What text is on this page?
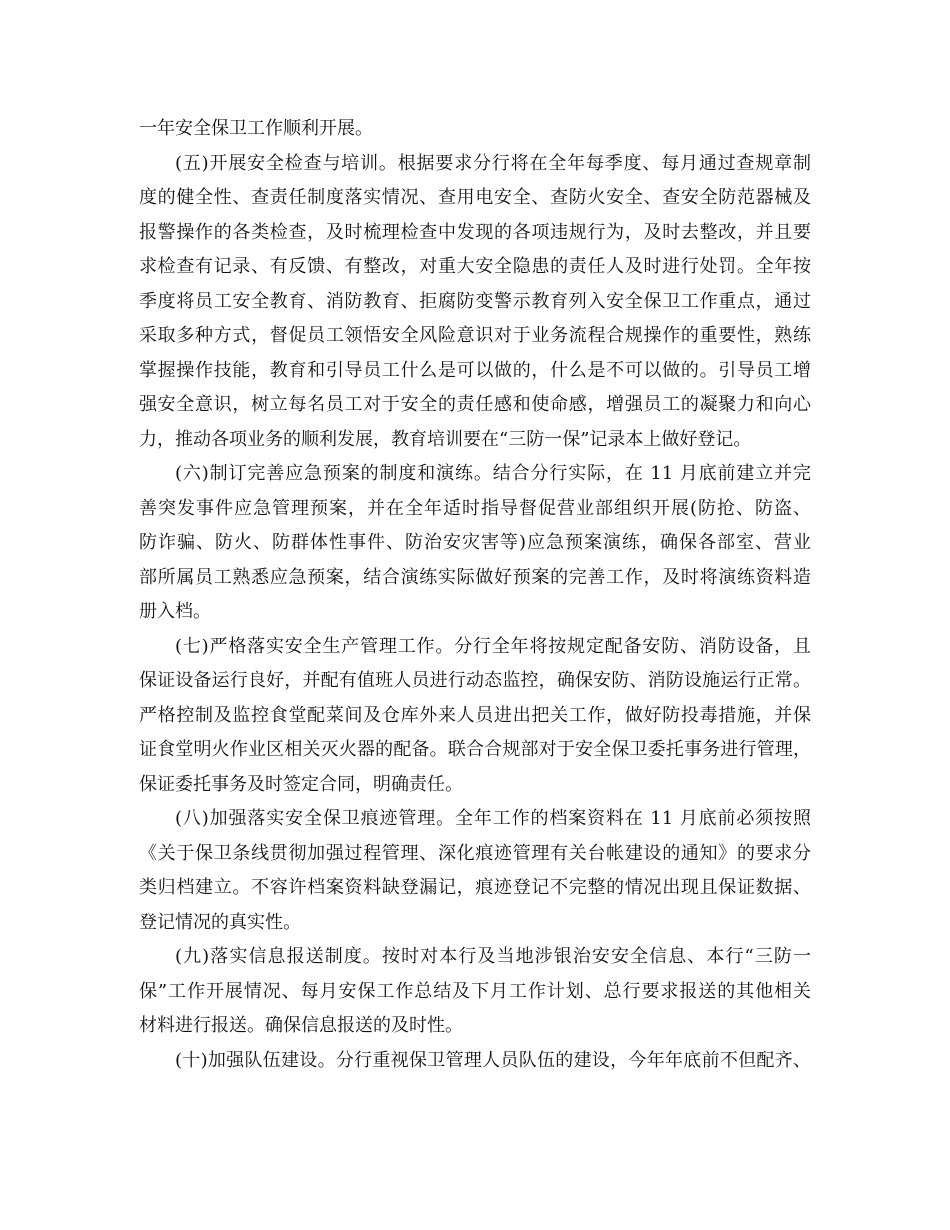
一年安全保卫工作顺利开展。
(五)开展安全检查与培训。根据要求分行将在全年每季度、每月通过查规章制
度的健全性、查责任制度落实情况、查用电安全、查防火安全、查安全防范器械及
报警操作的各类检查，及时梳理检查中发现的各项违规行为，及时去整改，并且要
求检查有记录、有反馈、有整改，对重大安全隐患的责任人及时进行处罚。全年按
季度将员工安全教育、消防教育、拒腐防变警示教育列入安全保卫工作重点，通过
采取多种方式，督促员工领悟安全风险意识对于业务流程合规操作的重要性，熟练
掌握操作技能，教育和引导员工什么是可以做的，什么是不可以做的。引导员工增
强安全意识，树立每名员工对于安全的责任感和使命感，增强员工的凝聚力和向心
力，推动各项业务的顺利发展，教育培训要在“三防一保”记录本上做好登记。
(六)制订完善应急预案的制度和演练。结合分行实际，在 11 月底前建立并完
善突发事件应急管理预案，并在全年适时指导督促营业部组织开展(防抢、防盗、
防诈骗、防火、防群体性事件、防治安灾害等)应急预案演练，确保各部室、营业
部所属员工熟悉应急预案，结合演练实际做好预案的完善工作，及时将演练资料造
册入档。
(七)严格落实安全生产管理工作。分行全年将按规定配备安防、消防设备，且
保证设备运行良好，并配有值班人员进行动态监控，确保安防、消防设施运行正常。
严格控制及监控食堂配菜间及仓库外来人员进出把关工作，做好防投毒措施，并保
证食堂明火作业区相关灭火器的配备。联合合规部对于安全保卫委托事务进行管理，
保证委托事务及时签定合同，明确责任。
(八)加强落实安全保卫痕迹管理。全年工作的档案资料在 11 月底前必须按照
《关于保卫条线贯彻加强过程管理、深化痕迹管理有关台帐建设的通知》的要求分
类归档建立。不容许档案资料缺登漏记，痕迹登记不完整的情况出现且保证数据、
登记情况的真实性。
(九)落实信息报送制度。按时对本行及当地涉银治安安全信息、本行“三防一
保”工作开展情况、每月安保工作总结及下月工作计划、总行要求报送的其他相关
材料进行报送。确保信息报送的及时性。
(十)加强队伍建设。分行重视保卫管理人员队伍的建设，今年年底前不但配齐、
